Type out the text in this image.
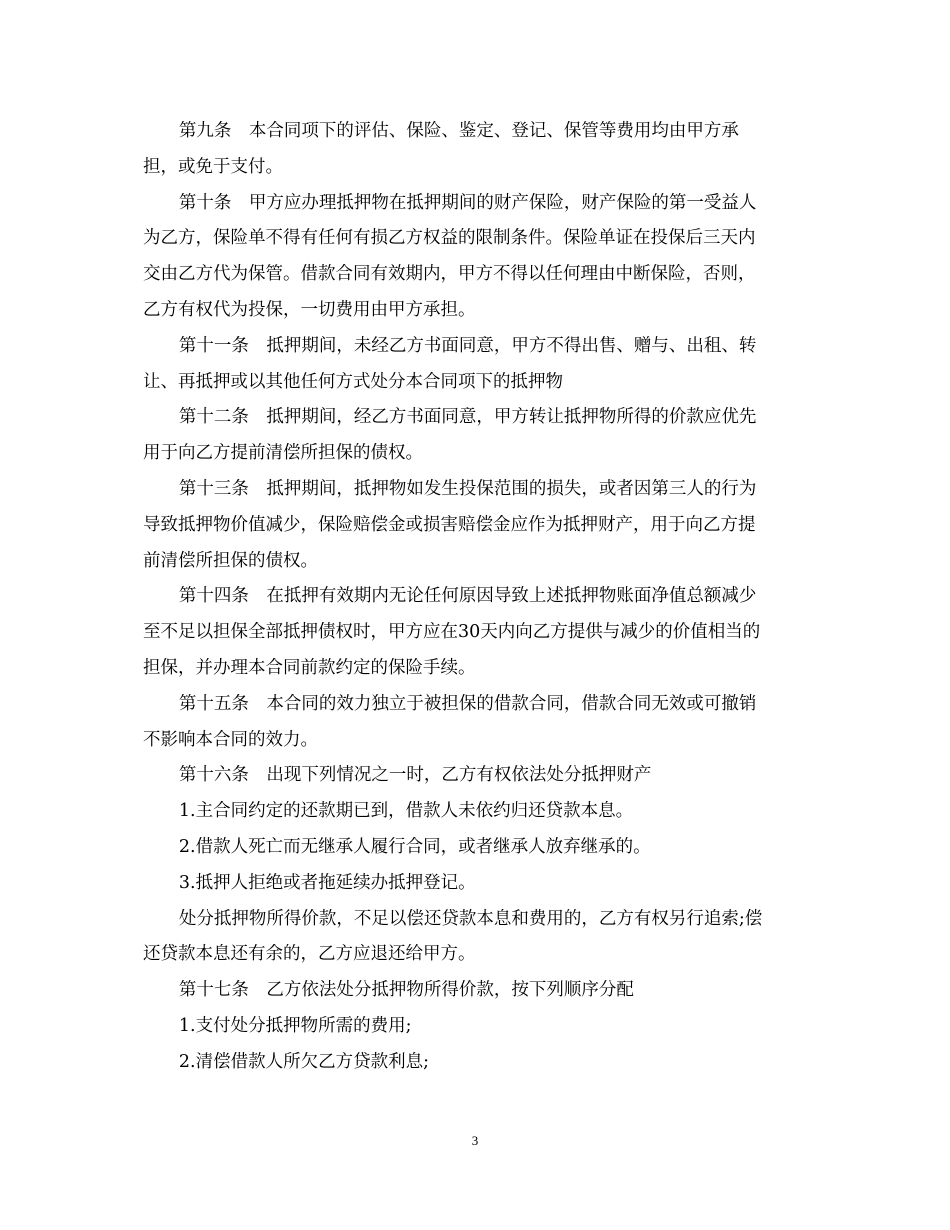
第九条　本合同项下的评估、保险、鉴定、登记、保管等费用均由甲方承
担，或免于支付。

第十条　甲方应办理抵押物在抵押期间的财产保险，财产保险的第一受益人
为乙方，保险单不得有任何有损乙方权益的限制条件。保险单证在投保后三天内
交由乙方代为保管。借款合同有效期内，甲方不得以任何理由中断保险，否则，
乙方有权代为投保，一切费用由甲方承担。

第十一条　抵押期间，未经乙方书面同意，甲方不得出售、赠与、出租、转
让、再抵押或以其他任何方式处分本合同项下的抵押物

第十二条　抵押期间，经乙方书面同意，甲方转让抵押物所得的价款应优先
用于向乙方提前清偿所担保的债权。

第十三条　抵押期间，抵押物如发生投保范围的损失，或者因第三人的行为
导致抵押物价值减少，保险赔偿金或损害赔偿金应作为抵押财产，用于向乙方提
前清偿所担保的债权。

第十四条　在抵押有效期内无论任何原因导致上述抵押物账面净值总额减少
至不足以担保全部抵押债权时，甲方应在30天内向乙方提供与减少的价值相当的
担保，并办理本合同前款约定的保险手续。

第十五条　本合同的效力独立于被担保的借款合同，借款合同无效或可撤销
不影响本合同的效力。

第十六条　出现下列情况之一时，乙方有权依法处分抵押财产

1.主合同约定的还款期已到，借款人未依约归还贷款本息。

2.借款人死亡而无继承人履行合同，或者继承人放弃继承的。

3.抵押人拒绝或者拖延续办抵押登记。

处分抵押物所得价款，不足以偿还贷款本息和费用的，乙方有权另行追索;偿
还贷款本息还有余的，乙方应退还给甲方。

第十七条　乙方依法处分抵押物所得价款，按下列顺序分配

1.支付处分抵押物所需的费用;

2.清偿借款人所欠乙方贷款利息;

3
